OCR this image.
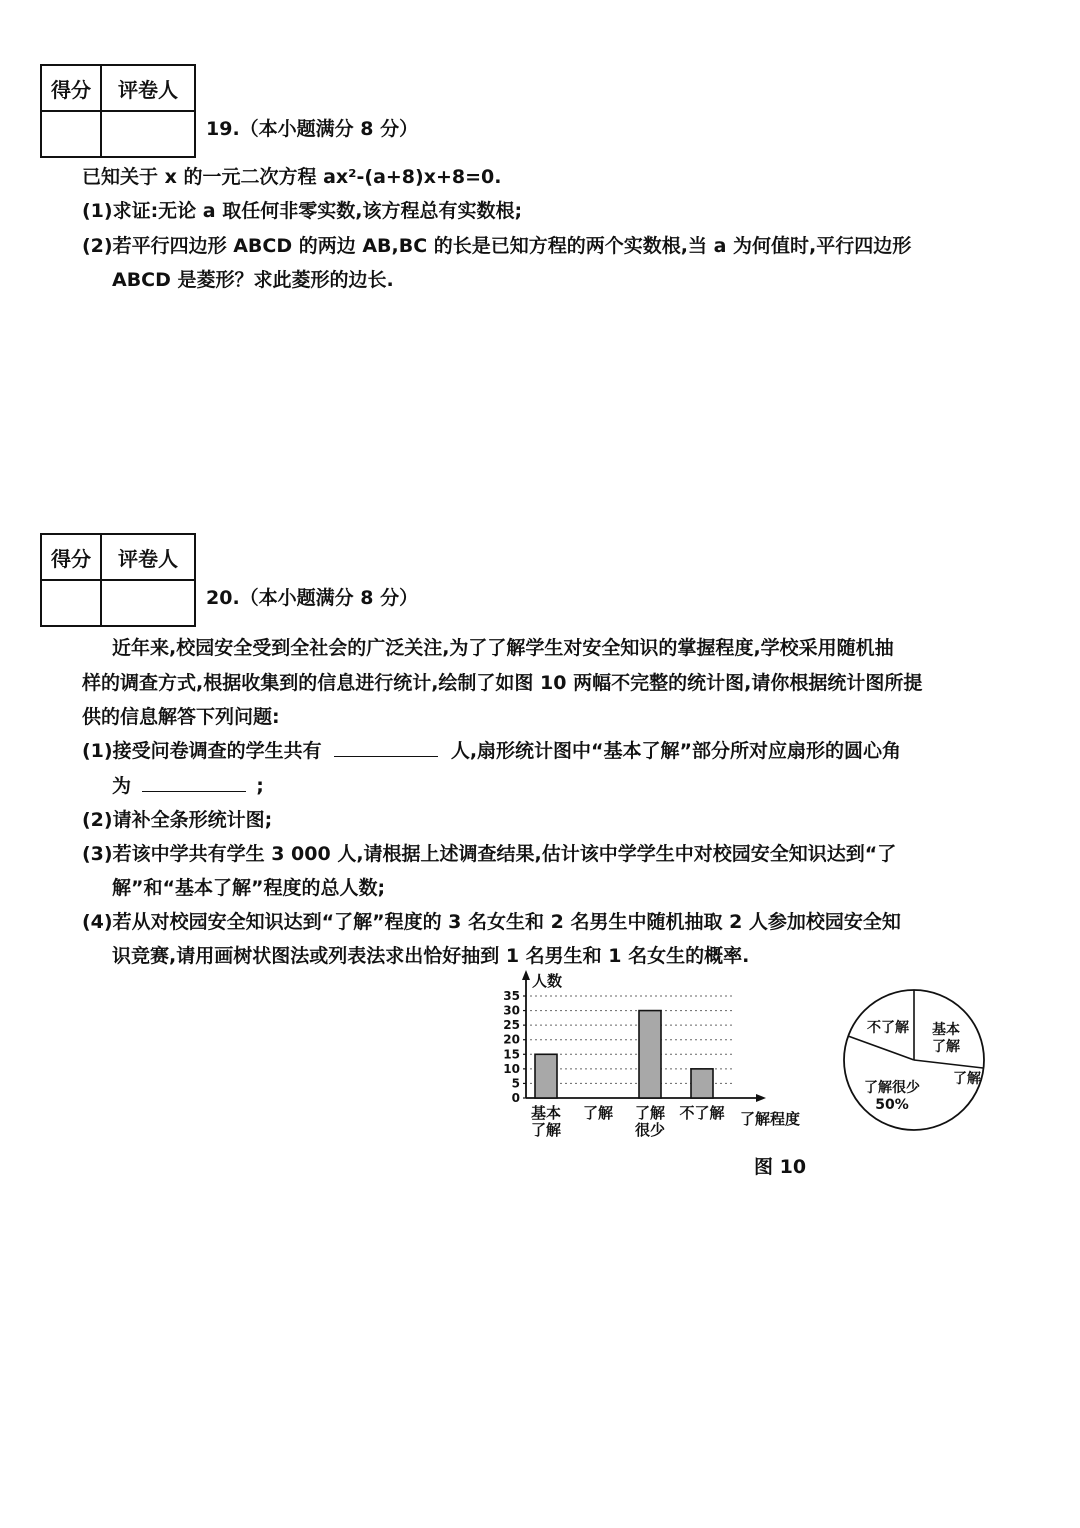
得分	评卷人

19.（本小题满分 8 分）
已知关于 x 的一元二次方程 ax²-(a+8)x+8=0.
(1)求证:无论 a 取任何非零实数,该方程总有实数根;
(2)若平行四边形 ABCD 的两边 AB,BC 的长是已知方程的两个实数根,当 a 为何值时,平行四边形
ABCD 是菱形？求此菱形的边长.
得分	评卷人

20.（本小题满分 8 分）
近年来,校园安全受到全社会的广泛关注,为了了解学生对安全知识的掌握程度,学校采用随机抽
样的调查方式,根据收集到的信息进行统计,绘制了如图 10 两幅不完整的统计图,请你根据统计图所提
供的信息解答下列问题:
(1)接受问卷调查的学生共有	人,扇形统计图中“基本了解”部分所对应扇形的圆心角
为	;
(2)请补全条形统计图;
(3)若该中学共有学生 3 000 人,请根据上述调查结果,估计该中学学生中对校园安全知识达到“了
解”和“基本了解”程度的总人数;
(4)若从对校园安全知识达到“了解”程度的 3 名女生和 2 名男生中随机抽取 2 人参加校园安全知
识竞赛,请用画树状图法或列表法求出恰好抽到 1 名男生和 1 名女生的概率.
人数
了解程度
0
5
10
15
20
25
30
35
基本
了解
了解 了解
很少
不了解
不了解 基本
了解
了解
了解很少
50%
图 10
